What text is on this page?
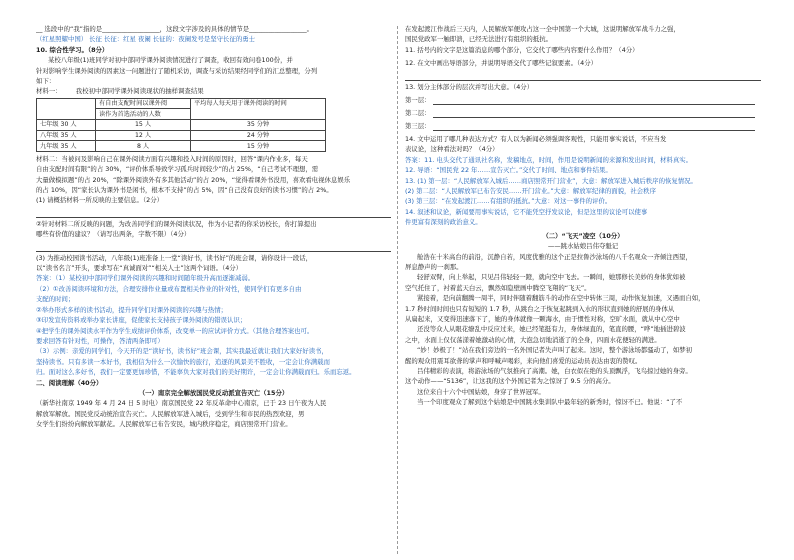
__ 选段中的“我”指的是__________________，这段文字涉及的具体的情节是__________________。

（红星照耀中国） 长征 长征：红星 夜阑 长征的：夜阑发号是坚守长征的勇士

10. 综合性学习。（8分）

某校八年级(1)班同学对初中部同学课外阅读情况进行了调查，收回有效问卷100份，并

针对影响学生课外阅读的因素这一问题进行了随机采访，调查与采访结果经同学们的汇总整理，分列

如下：

材料一： 我校初中部同学课外阅读现状的抽样调查结果

	有自由支配时间以课外阅	平均每人每天用于课外阅读的时间
	读作为首选活动的人数	
七年级 30 人	15 人	35 分钟
八年级 35 人	12 人	24 分钟
九年级 35 人	8 人	15 分钟

材料二：当被问及影响自己在课外阅读方面有兴趣和投入时间的原因时，回答“课内作业多，每天

自由支配时间有限”的占 30%，“评价体系导致学习孤兵时间较少”的占 25%，“自己考试不理想，需

大量做模拟题”的占 20%，“除课外阅读外有多其他活动”的占 20%，“觉得看课外书没用，喜欢看电视休息娱乐

的占 10%，因“家长认为课外书是闲书，根本不支持”的占 5%，因“自己没有良好的读书习惯”的占 2%。

(1) 请概括材料一所反映的主要信息。（2分）

②针对材料二所反映的问题，为改善同学们的课外阅读状况，作为小记者的你采访校长，你打算提出

哪些有价值的建议？（请写出两条，字数不限）（4分）

(3) 为推动校园读书活动，八年级(1)班准备上一堂“读好书，读书好”的班会课，请你设计一段话，

以“读书名言”开头，要求写在“真诚面对”“相关人士”这两个词语。（4分）

答案：（1）某校初中部同学们课外阅读的兴趣和时间随年级升高而逐渐减弱。

（2）①改善阅读环境和方法，合理安排作业量或布置相关作业的针对性，使同学们有更多自由

支配的时间；

②举办形式多样的读书活动，提升同学们对课外阅读的兴趣与热情；

③印发宣传资料或举办家长讲座，促使家长支持孩子课外阅读的错误认识；

④把学生的课外阅读水平作为学生成绩评价体系，改变单一的应试评价方式。（其他合理答案也可。

要求回答有针对性，可操作，答清两条即可）

（3）示例：亲爱的同学们，今天开的是“读好书，读书好”班会课，其实我最近就让我们大家好好读书，

坚持读书。只有多读一本好书，我相信为什么一次愉快的旅行，追逐的风景美不胜收，一定会让你满载而

归。面对这么多好书，我们一定要更加珍惜，不能辜负大家对我们的美好期许，一定会让你满载而归。乐而忘返。

二、阅读理解（40分）

（一）南京完全解放国民党反动派宣告灭亡（15分）

（新华社南京 1949 年 4 月 24 日 5 时电）南京国民党 22 年反革命中心南京，已于 23 日午夜为人民

解放军解放。国民党反动统治宣告灭亡。人民解放军进入城后，受到学生和市民的热烈欢迎，男

女学生们纷纷向解放军献花。人民解放军已布告安民，城内秩序稳定，商店照常开门营业。

在发起渡江作战后三天内，人民解放军便攻占这一全中国第一个大城，这说明解放军战斗力之强，

国民党政军一触即溃，已经无法进行有组织的抵抗。

11. 括号内的文字是这篇消息的哪个部分，它交代了哪些内容要什么作用？（4分）

12. 在文中画出导语部分，并说明导语交代了哪些记叙要素。（4分）

13. 划分主体部分的层次并写出大意。（4分）

第一层：
第二层：
第三层：

14. 文中运用了哪几种表达方式？有人以为新闻必须强调客观性，只能用事实说话，不应当发

表议论，这种看法对吗？（4分）

答案：11. 电头交代了通讯社名称，发稿地点，时间，作用是说明新闻的来源和发出时间，材料真实。

12. 导语：“国民党 22 年……宣告灭亡。”交代了时间、地点和事件结果。

13. (1) 第一层：“人民解放军入城后……商店照常开门营业”，大意：解放军进入城后秩序的恢复情况。

(2) 第二层：“人民解放军已布告安民……开门营业。”大意：解放军纪律的面貌，社会秩序

(3) 第三层：“在发起渡江……有组织的抵抗。”大意：对这一事件的评价。

14. 叙述和议论，新闻要用事实说话，它不能凭空抒发议论，但是这里的议论可以使事

件更富有深刻的政治意义。

（二）“飞天”凌空（10分）

——跳水姑娘吕伟夺魁记

舱浩在十米高台的前沿，沉静自若，风度优雅的这个正是拉鲁沙泳场的八千名观众一齐倾注西望，

屏息静声的一刹那。

轻舒双臂，向上举起，只见吕伟轻轻一蹬，就向空中飞去。一瞬间，她那修长美妙的身体犹如被

空气托住了，衬着蓝天白云，飘然如隐壁画中腾空飞翔的“飞天”。

紧接着，是向前翻腾一周半，同时伴随着翻筋斗的动作在空中转体三周，动作恢复加速，又遇而自如，

1.7 秒时间时间也只有短短的 1.7 秒，从跳台之于恢复起跳到入水的形状直到她的舒展的身体从

从扁起来，又变得迅速落下了，她的身体就像一颗海水，由于惯性对称，空旷水面，就从中心空中

还没等众人从眼花缭乱中反应过来，她已经笔挺有力，身体绿直的，笔直的腰，“哗”地插进碧波

之中，水面上仅仅荡漾着她激动的心情，大泡急切地消逝了的全身，四面水花便轻的满进。

“妙！妙极了！”站在我们旁边的一名外国记者失声叫了起来。这时，整个游泳场都骚动了，如梦初

醒的观众用震耳欲聋的掌声和呼喊声喝彩，来向他们喜爱的运动员表达由衷的赞叹。

吕伟精彩的表演，将游泳场的气氛推向了高潮。她，白衣似在绝的头顶飘浮，飞鸟掠过她的身旁。

这个动作——“5136”，让这我的这个外国记者为之惊讶了 9.5 分的高分。

这位来自十六个中国姑娘，身穿了世界冠军。

当一个印度观众了解到这个姑娘是中国跳水集训队中最年轻的新秀时，惊讶不已。他说：“了不
